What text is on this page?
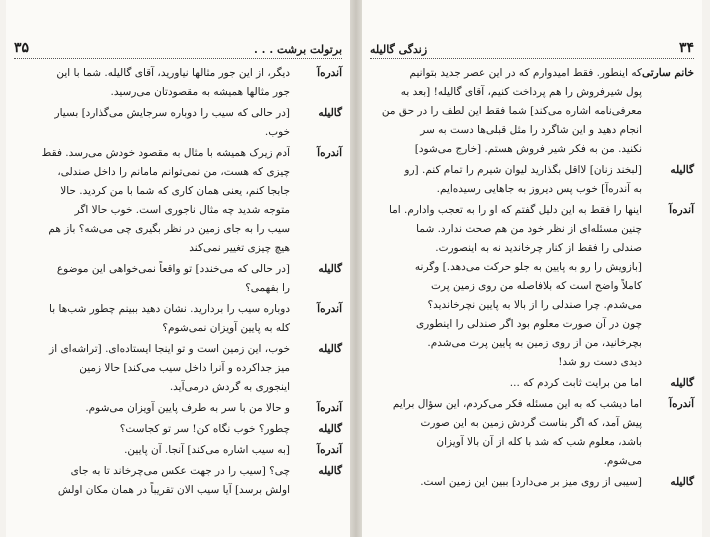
برتولت برشت . . .
۳۵
آندره‌آ
دیگر، از این جور مثالها نیاورید، آقای گالیله. شما با این
جور مثالها همیشه به مقصودتان می‌رسید.
گالیله
[در حالی که سیب را دوباره سرجایش می‌گذارد] بسیار
خوب.
آندره‌آ
آدم زیرک همیشه با مثال به مقصود خودش می‌رسد. فقط
چیزی که هست، من نمی‌توانم مامانم را داخل صندلی،
جابجا کنم، یعنی همان کاری که شما با من کردید. حالا
متوجه شدید چه مثال ناجوری است. خوب حالا اگر
سیب را به جای زمین در نظر بگیری چی می‌شه؟ باز هم
هیچ چیزی تغییر نمی‌کند
گالیله
[در حالی که می‌خندد] تو واقعاً نمی‌خواهی این موضوع
را بفهمی؟
آندره‌آ
دوباره سیب را بردارید. نشان دهید ببینم چطور شب‌ها با
کله به پایین آویزان نمی‌شوم؟
گالیله
خوب، این زمین است و تو اینجا ایستاده‌ای. [تراشه‌ای از
میز جداکرده و آنرا داخل سیب می‌کند] حالا زمین
اینجوری به گردش درمی‌آید.
آندره‌آ
و حالا من با سر به طرف پایین آویزان می‌شوم.
گالیله
چطور؟ خوب نگاه کن! سر تو کجاست؟
آندره‌آ
[به سیب اشاره می‌کند] آنجا. آن پایین.
گالیله
چی؟ [سیب را در جهت عکس می‌چرخاند تا به جای
اولش برسد] آیا سیب الان تقریباً در همان مکان اولش
۳۴
زندگی گالیله
خانم سارتی
که اینطور. فقط امیدوارم که در این عصر جدید بتوانیم
پول شیرفروش را هم پرداخت کنیم، آقای گالیله! [بعد به
معرفی‌نامه اشاره می‌کند] شما فقط این لطف را در حق من
انجام دهید و این شاگرد را مثل قبلی‌ها دست به سر
نکنید. من به فکر شیر فروش هستم. [خارج می‌شود]
گالیله
[لبخند زنان] لااقل بگذارید لیوان شیرم را تمام کنم. [رو
به آندره‌آ] خوب پس دیروز به جاهایی رسیده‌ایم.
آندره‌آ
اینها را فقط به این دلیل گفتم که او را به تعجب وادارم. اما
چنین مسئله‌ای از نظر خود من هم صحت ندارد. شما
صندلی را فقط از کنار چرخاندید نه به اینصورت.
[بازویش را رو به پایین به جلو حرکت می‌دهد.] وگرنه
کاملاً واضح است که بلافاصله من روی زمین پرت
می‌شدم. چرا صندلی را از بالا به پایین نچرخاندید؟
چون در آن صورت معلوم بود اگر صندلی را اینطوری
بچرخانید، من از روی زمین به پایین پرت می‌شدم.
دیدی دست رو شد!
گالیله
اما من برایت ثابت کردم که ...
آندره‌آ
اما دیشب که به این مسئله فکر می‌کردم، این سؤال برایم
پیش آمد، که اگر بناست گردش زمین به این صورت
باشد، معلوم شب که شد با کله از آن بالا آویزان
می‌شوم.
گالیله
[سیبی از روی میز بر می‌دارد] ببین این زمین است.
